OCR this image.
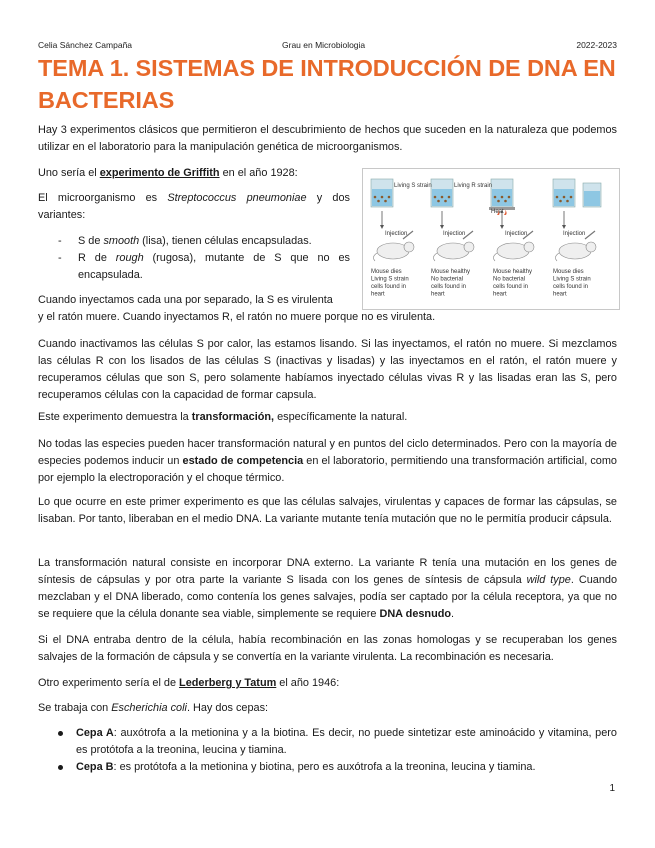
Celia Sánchez Campaña	Grau en Microbiologia	2022-2023
TEMA 1. SISTEMAS DE INTRODUCCIÓN DE DNA EN BACTERIAS

Hay 3 experimentos clásicos que permitieron el descubrimiento de hechos que suceden en la naturaleza que podemos utilizar en el laboratorio para la manipulación genética de microorganismos.

Uno sería el experimento de Griffith en el año 1928:

El microorganismo es Streptococcus pneumoniae y dos variantes:

- S de smooth (lisa), tienen células encapsuladas.
- R de rough (rugosa), mutante de S que no es encapsulada.
Living S strain	Living R strain
Heat
Injection	Injection	Injection	Injection
Mouse dies
Living S strain
cells found in
heart
Mouse healthy
No bacterial
cells found in
heart
Mouse healthy
No bacterial
cells found in
heart
Mouse dies
Living S strain
cells found in
heart

Cuando inyectamos cada una por separado, la S es virulenta

y el ratón muere. Cuando inyectamos R, el ratón no muere porque no es virulenta.

Cuando inactivamos las células S por calor, las estamos lisando. Si las inyectamos, el ratón no muere. Si mezclamos las células R con los lisados de las células S (inactivas y lisadas) y las inyectamos en el ratón, el ratón muere y recuperamos células que son S, pero solamente habíamos inyectado células vivas R y las lisadas eran las S, pero recuperamos células con la capacidad de formar capsula.

Este experimento demuestra la transformación, específicamente la natural.

No todas las especies pueden hacer transformación natural y en puntos del ciclo determinados. Pero con la mayoría de especies podemos inducir un estado de competencia en el laboratorio, permitiendo una transformación artificial, como por ejemplo la electroporación y el choque térmico.

Lo que ocurre en este primer experimento es que las células salvajes, virulentas y capaces de formar las cápsulas, se lisaban. Por tanto, liberaban en el medio DNA. La variante mutante tenía mutación que no le permitía producir cápsula.

La transformación natural consiste en incorporar DNA externo. La variante R tenía una mutación en los genes de síntesis de cápsulas y por otra parte la variante S lisada con los genes de síntesis de cápsula wild type. Cuando mezclaban y el DNA liberado, como contenía los genes salvajes, podía ser captado por la célula receptora, ya que no se requiere que la célula donante sea viable, simplemente se requiere DNA desnudo.

Si el DNA entraba dentro de la célula, había recombinación en las zonas homologas y se recuperaban los genes salvajes de la formación de cápsula y se convertía en la variante virulenta. La recombinación es necesaria.

Otro experimento sería el de Lederberg y Tatum el año 1946:

Se trabaja con Escherichia coli. Hay dos cepas:

Cepa A: auxótrofa a la metionina y a la biotina. Es decir, no puede sintetizar este aminoácido y vitamina, pero es protótofa a la treonina, leucina y tiamina.
Cepa B: es protótofa a la metionina y biotina, pero es auxótrofa a la treonina, leucina y tiamina.
1
